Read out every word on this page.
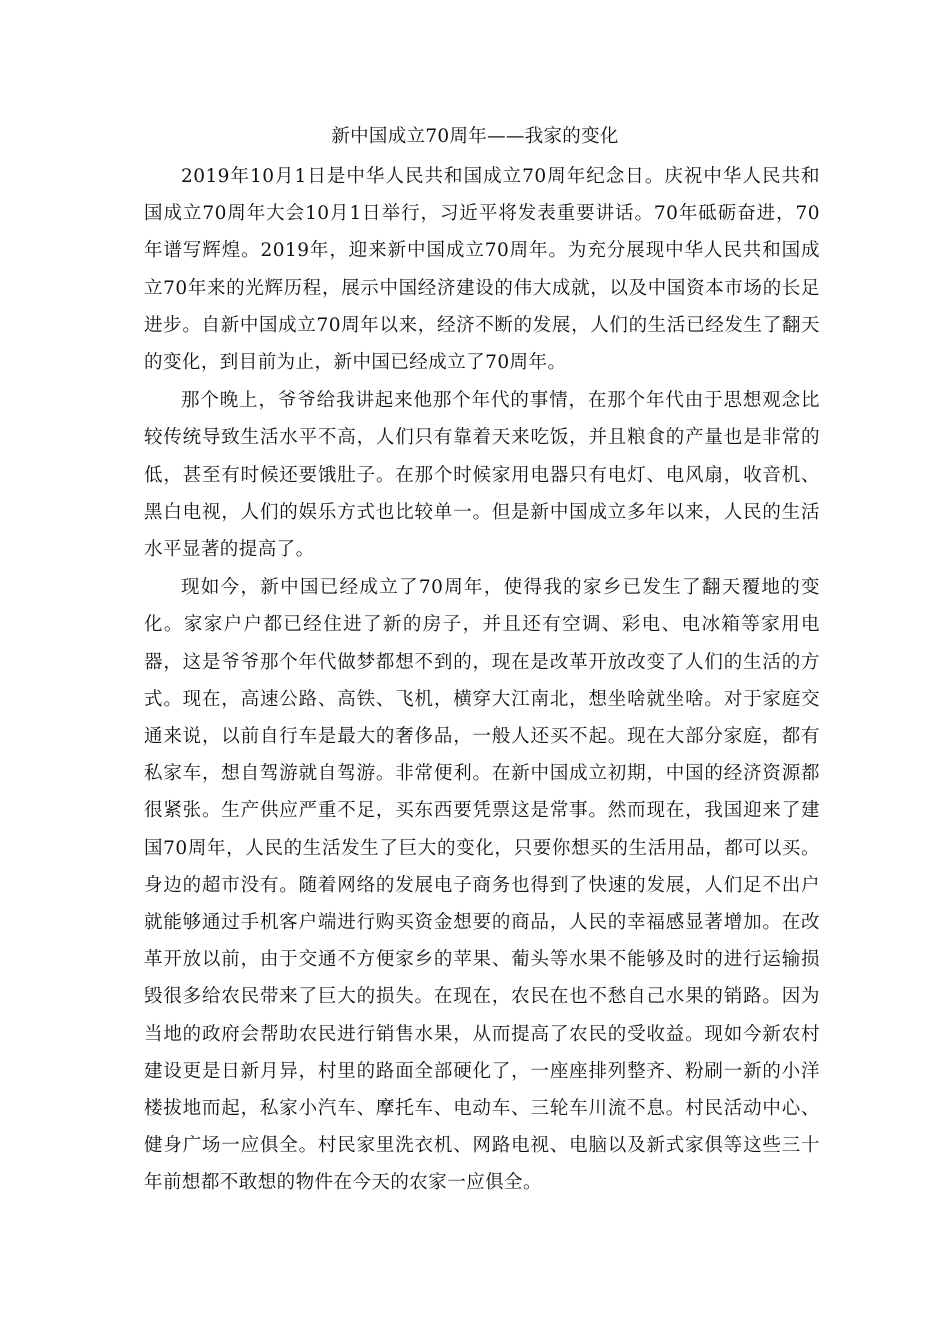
新中国成立70周年——我家的变化

2019年10月1日是中华人民共和国成立70周年纪念日。庆祝中华人民共和国成立70周年大会10月1日举行，习近平将发表重要讲话。70年砥砺奋进，70年谱写辉煌。2019年，迎来新中国成立70周年。为充分展现中华人民共和国成立70年来的光辉历程，展示中国经济建设的伟大成就，以及中国资本市场的长足进步。自新中国成立70周年以来，经济不断的发展，人们的生活已经发生了翻天的变化，到目前为止，新中国已经成立了70周年。

那个晚上，爷爷给我讲起来他那个年代的事情，在那个年代由于思想观念比较传统导致生活水平不高，人们只有靠着天来吃饭，并且粮食的产量也是非常的低，甚至有时候还要饿肚子。在那个时候家用电器只有电灯、电风扇，收音机、黑白电视，人们的娱乐方式也比较单一。但是新中国成立多年以来，人民的生活水平显著的提高了。

现如今，新中国已经成立了70周年，使得我的家乡已发生了翻天覆地的变化。家家户户都已经住进了新的房子，并且还有空调、彩电、电冰箱等家用电器，这是爷爷那个年代做梦都想不到的，现在是改革开放改变了人们的生活的方式。现在，高速公路、高铁、飞机，横穿大江南北，想坐啥就坐啥。对于家庭交通来说，以前自行车是最大的奢侈品，一般人还买不起。现在大部分家庭，都有私家车，想自驾游就自驾游。非常便利。在新中国成立初期，中国的经济资源都很紧张。生产供应严重不足，买东西要凭票这是常事。然而现在，我国迎来了建国70周年，人民的生活发生了巨大的变化，只要你想买的生活用品，都可以买。身边的超市没有。随着网络的发展电子商务也得到了快速的发展，人们足不出户就能够通过手机客户端进行购买资金想要的商品，人民的幸福感显著增加。在改革开放以前，由于交通不方便家乡的苹果、葡头等水果不能够及时的进行运输损毁很多给农民带来了巨大的损失。在现在，农民在也不愁自己水果的销路。因为当地的政府会帮助农民进行销售水果，从而提高了农民的受收益。现如今新农村建设更是日新月异，村里的路面全部硬化了，一座座排列整齐、粉刷一新的小洋楼拔地而起，私家小汽车、摩托车、电动车、三轮车川流不息。村民活动中心、健身广场一应俱全。村民家里洗衣机、网路电视、电脑以及新式家俱等这些三十年前想都不敢想的物件在今天的农家一应俱全。
